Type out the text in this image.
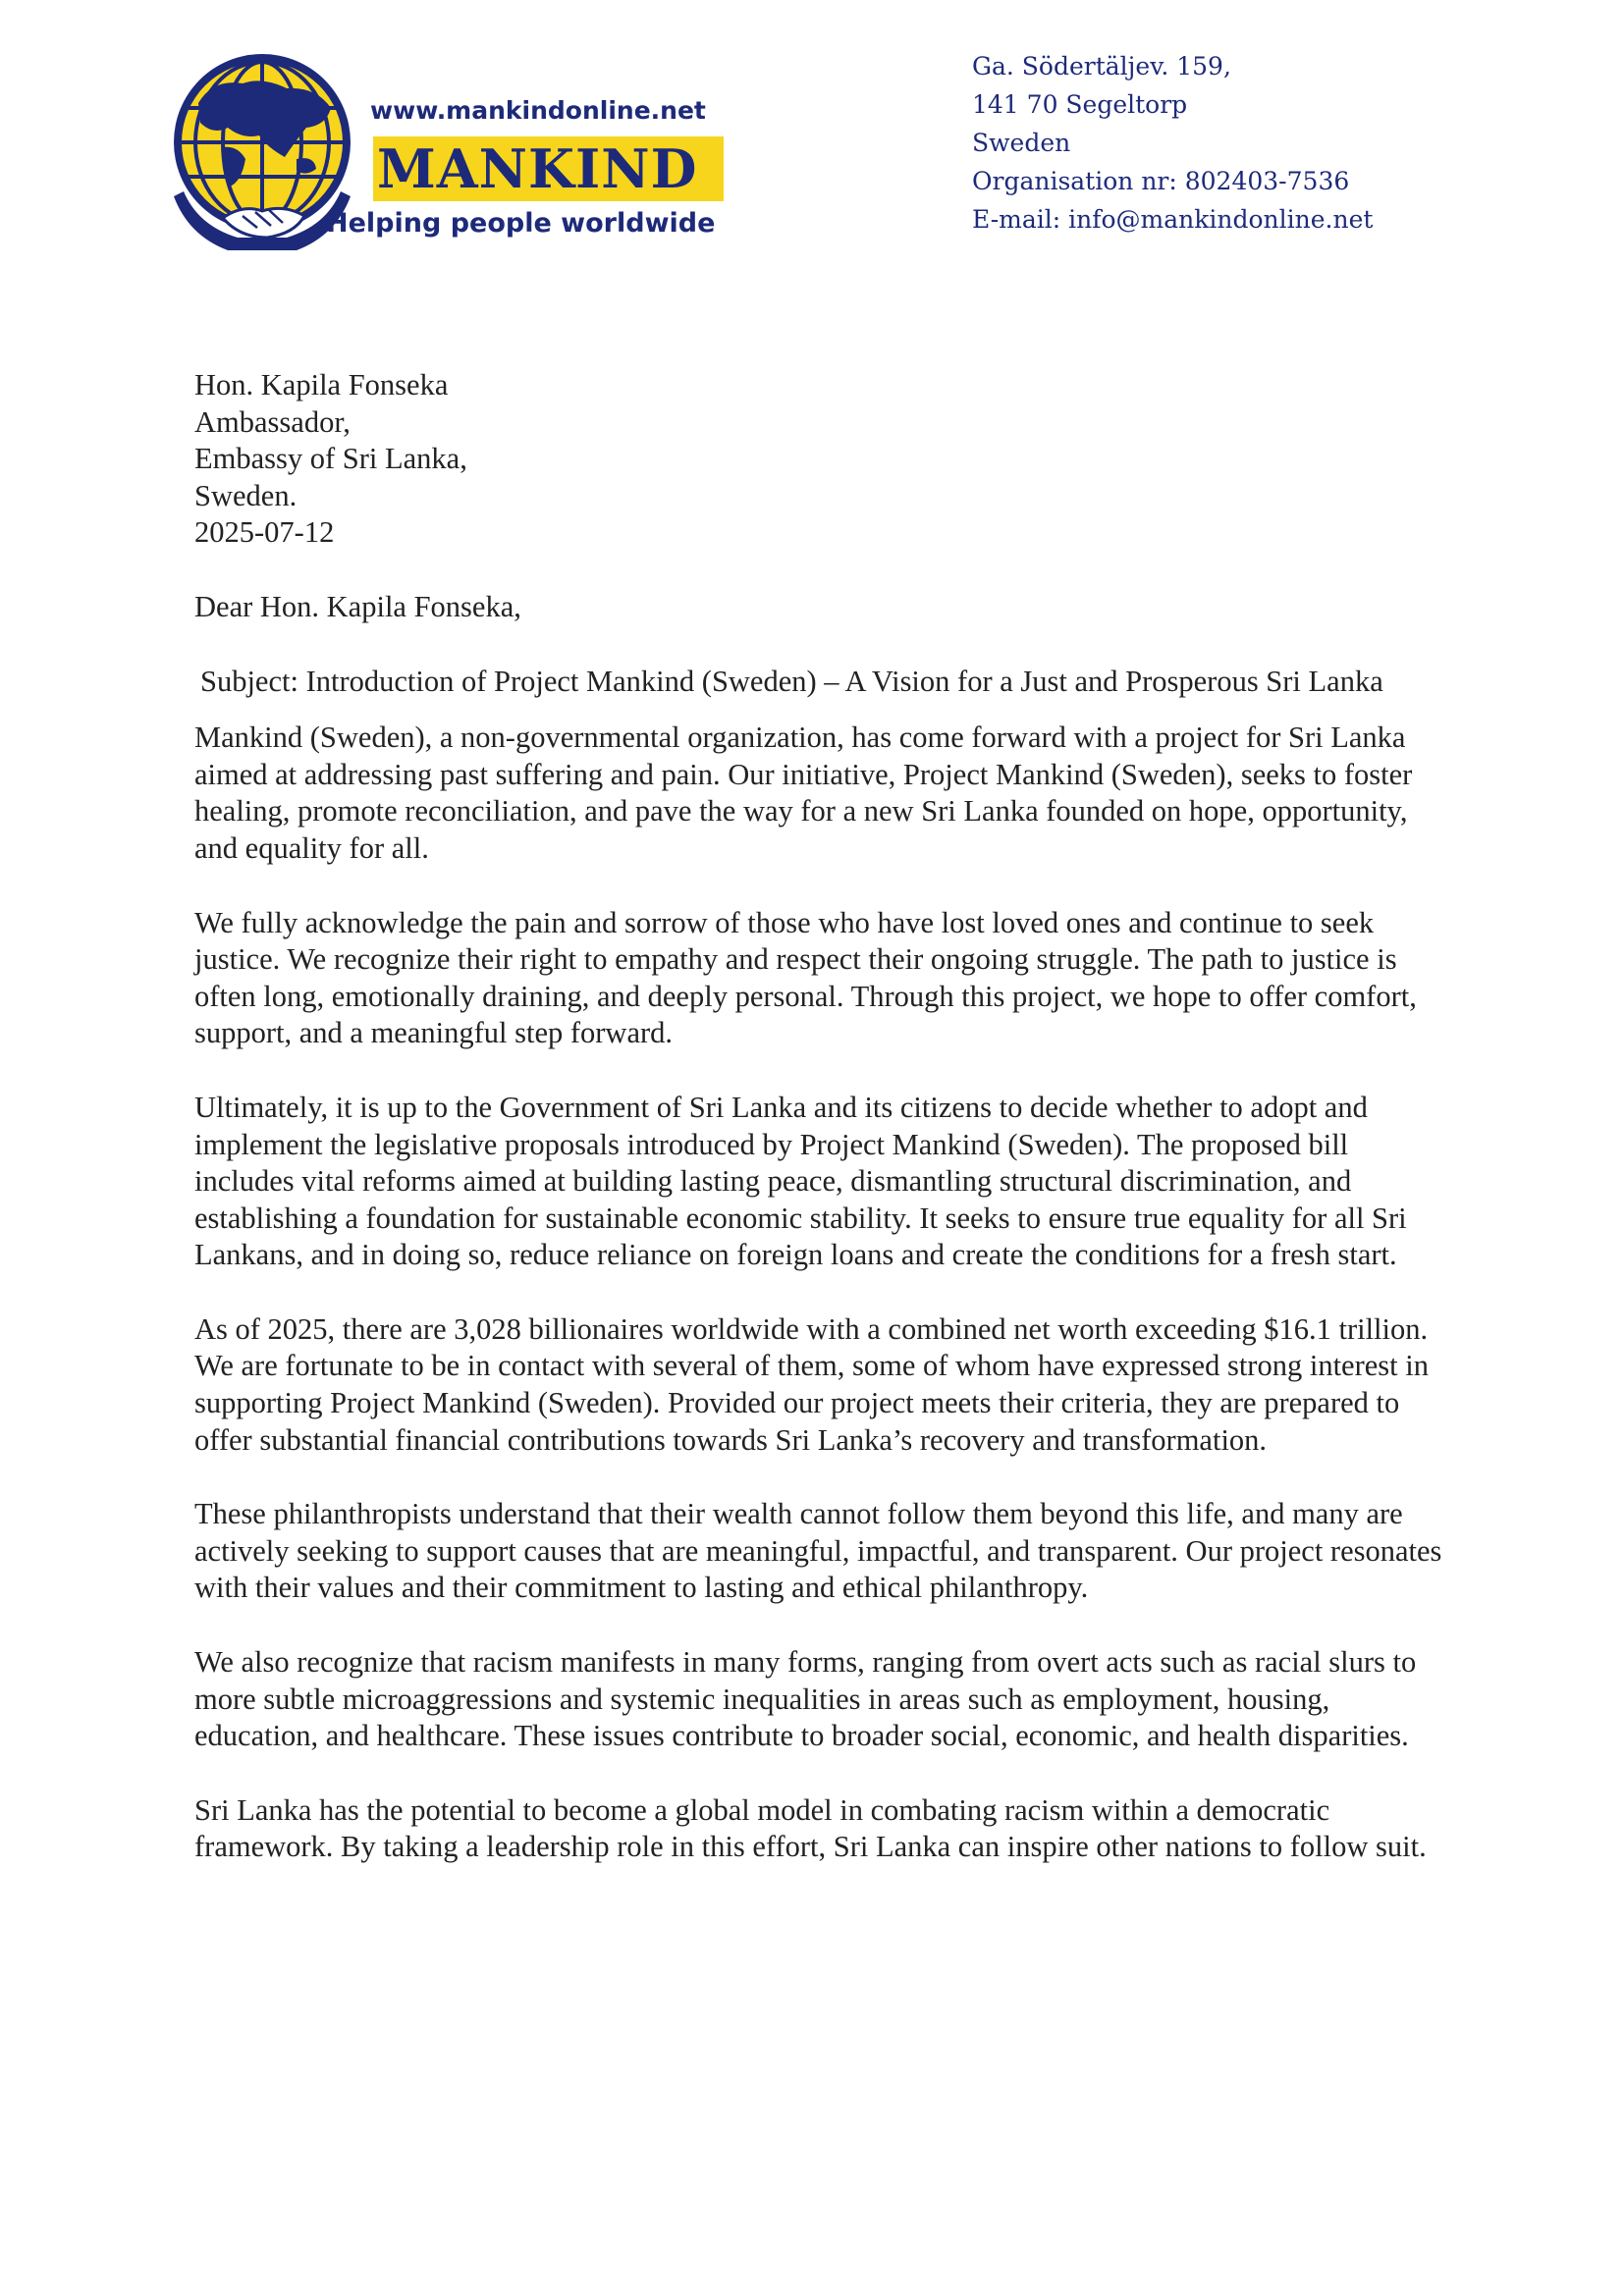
www.mankindonline.net
MANKIND
Helping people worldwide
Ga. Södertäljev. 159,
141 70 Segeltorp
Sweden
Organisation nr: 802403-7536
E-mail: info@mankindonline.net
Hon. Kapila Fonseka
Ambassador,
Embassy of Sri Lanka,
Sweden.
2025-07-12
Dear Hon. Kapila Fonseka,
Subject: Introduction of Project Mankind (Sweden) – A Vision for a Just and Prosperous Sri Lanka
Mankind (Sweden), a non-governmental organization, has come forward with a project for Sri Lanka aimed at addressing past suffering and pain. Our initiative, Project Mankind (Sweden), seeks to foster healing, promote reconciliation, and pave the way for a new Sri Lanka founded on hope, opportunity, and equality for all.
We fully acknowledge the pain and sorrow of those who have lost loved ones and continue to seek justice. We recognize their right to empathy and respect their ongoing struggle. The path to justice is often long, emotionally draining, and deeply personal. Through this project, we hope to offer comfort, support, and a meaningful step forward.
Ultimately, it is up to the Government of Sri Lanka and its citizens to decide whether to adopt and implement the legislative proposals introduced by Project Mankind (Sweden). The proposed bill includes vital reforms aimed at building lasting peace, dismantling structural discrimination, and establishing a foundation for sustainable economic stability. It seeks to ensure true equality for all Sri Lankans, and in doing so, reduce reliance on foreign loans and create the conditions for a fresh start.
As of 2025, there are 3,028 billionaires worldwide with a combined net worth exceeding $16.1 trillion. We are fortunate to be in contact with several of them, some of whom have expressed strong interest in supporting Project Mankind (Sweden). Provided our project meets their criteria, they are prepared to offer substantial financial contributions towards Sri Lanka’s recovery and transformation.
These philanthropists understand that their wealth cannot follow them beyond this life, and many are actively seeking to support causes that are meaningful, impactful, and transparent. Our project resonates with their values and their commitment to lasting and ethical philanthropy.
We also recognize that racism manifests in many forms, ranging from overt acts such as racial slurs to more subtle microaggressions and systemic inequalities in areas such as employment, housing, education, and healthcare. These issues contribute to broader social, economic, and health disparities.
Sri Lanka has the potential to become a global model in combating racism within a democratic framework. By taking a leadership role in this effort, Sri Lanka can inspire other nations to follow suit.
